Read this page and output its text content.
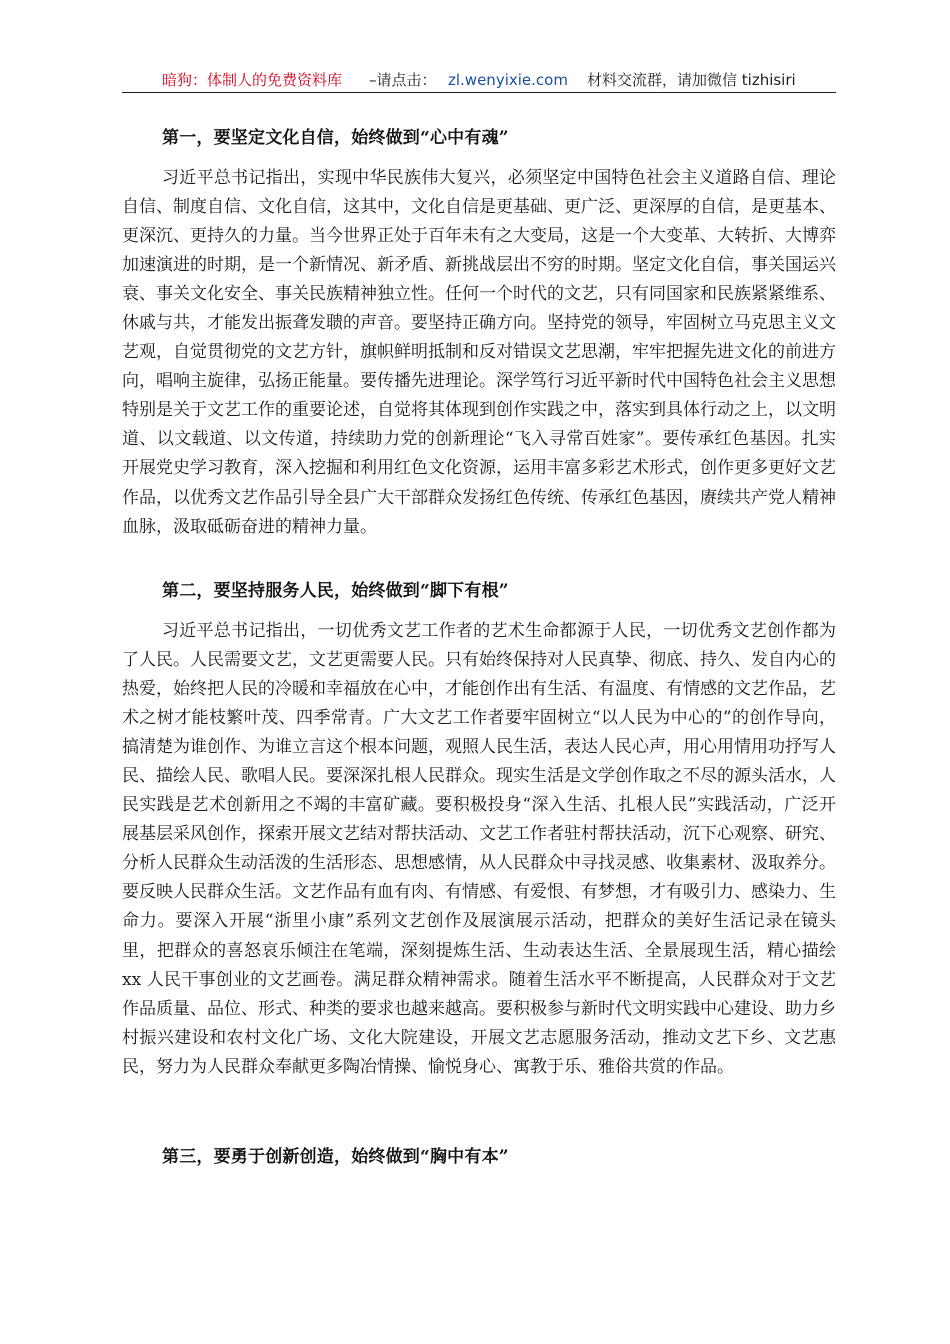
暗狗：体制人的免费资料库 –请点击： zl.wenyixie.com 材料交流群，请加微信 tizhisiri
第一，要坚定文化自信，始终做到“心中有魂”

习近平总书记指出，实现中华民族伟大复兴，必须坚定中国特色社会主义道路自信、理论自信、制度自信、文化自信，这其中，文化自信是更基础、更广泛、更深厚的自信，是更基本、更深沉、更持久的力量。当今世界正处于百年未有之大变局，这是一个大变革、大转折、大博弈加速演进的时期，是一个新情况、新矛盾、新挑战层出不穷的时期。坚定文化自信，事关国运兴衰、事关文化安全、事关民族精神独立性。任何一个时代的文艺，只有同国家和民族紧紧维系、休戚与共，才能发出振聋发聩的声音。要坚持正确方向。坚持党的领导，牢固树立马克思主义文艺观，自觉贯彻党的文艺方针，旗帜鲜明抵制和反对错误文艺思潮，牢牢把握先进文化的前进方向，唱响主旋律，弘扬正能量。要传播先进理论。深学笃行习近平新时代中国特色社会主义思想特别是关于文艺工作的重要论述，自觉将其体现到创作实践之中，落实到具体行动之上，以文明道、以文载道、以文传道，持续助力党的创新理论“飞入寻常百姓家”。要传承红色基因。扎实开展党史学习教育，深入挖掘和利用红色文化资源，运用丰富多彩艺术形式，创作更多更好文艺作品，以优秀文艺作品引导全县广大干部群众发扬红色传统、传承红色基因，赓续共产党人精神血脉，汲取砥砺奋进的精神力量。

第二，要坚持服务人民，始终做到“脚下有根”

习近平总书记指出，一切优秀文艺工作者的艺术生命都源于人民，一切优秀文艺创作都为了人民。人民需要文艺，文艺更需要人民。只有始终保持对人民真挚、彻底、持久、发自内心的热爱，始终把人民的冷暖和幸福放在心中，才能创作出有生活、有温度、有情感的文艺作品，艺术之树才能枝繁叶茂、四季常青。广大文艺工作者要牢固树立“以人民为中心的”的创作导向，搞清楚为谁创作、为谁立言这个根本问题，观照人民生活，表达人民心声，用心用情用功抒写人民、描绘人民、歌唱人民。要深深扎根人民群众。现实生活是文学创作取之不尽的源头活水，人民实践是艺术创新用之不竭的丰富矿藏。要积极投身“深入生活、扎根人民”实践活动，广泛开展基层采风创作，探索开展文艺结对帮扶活动、文艺工作者驻村帮扶活动，沉下心观察、研究、分析人民群众生动活泼的生活形态、思想感情，从人民群众中寻找灵感、收集素材、汲取养分。要反映人民群众生活。文艺作品有血有肉、有情感、有爱恨、有梦想，才有吸引力、感染力、生命力。要深入开展“浙里小康”系列文艺创作及展演展示活动，把群众的美好生活记录在镜头里，把群众的喜怒哀乐倾注在笔端，深刻提炼生活、生动表达生活、全景展现生活，精心描绘 xx 人民干事创业的文艺画卷。满足群众精神需求。随着生活水平不断提高，人民群众对于文艺作品质量、品位、形式、种类的要求也越来越高。要积极参与新时代文明实践中心建设、助力乡村振兴建设和农村文化广场、文化大院建设，开展文艺志愿服务活动，推动文艺下乡、文艺惠民，努力为人民群众奉献更多陶冶情操、愉悦身心、寓教于乐、雅俗共赏的作品。

第三，要勇于创新创造，始终做到“胸中有本”
